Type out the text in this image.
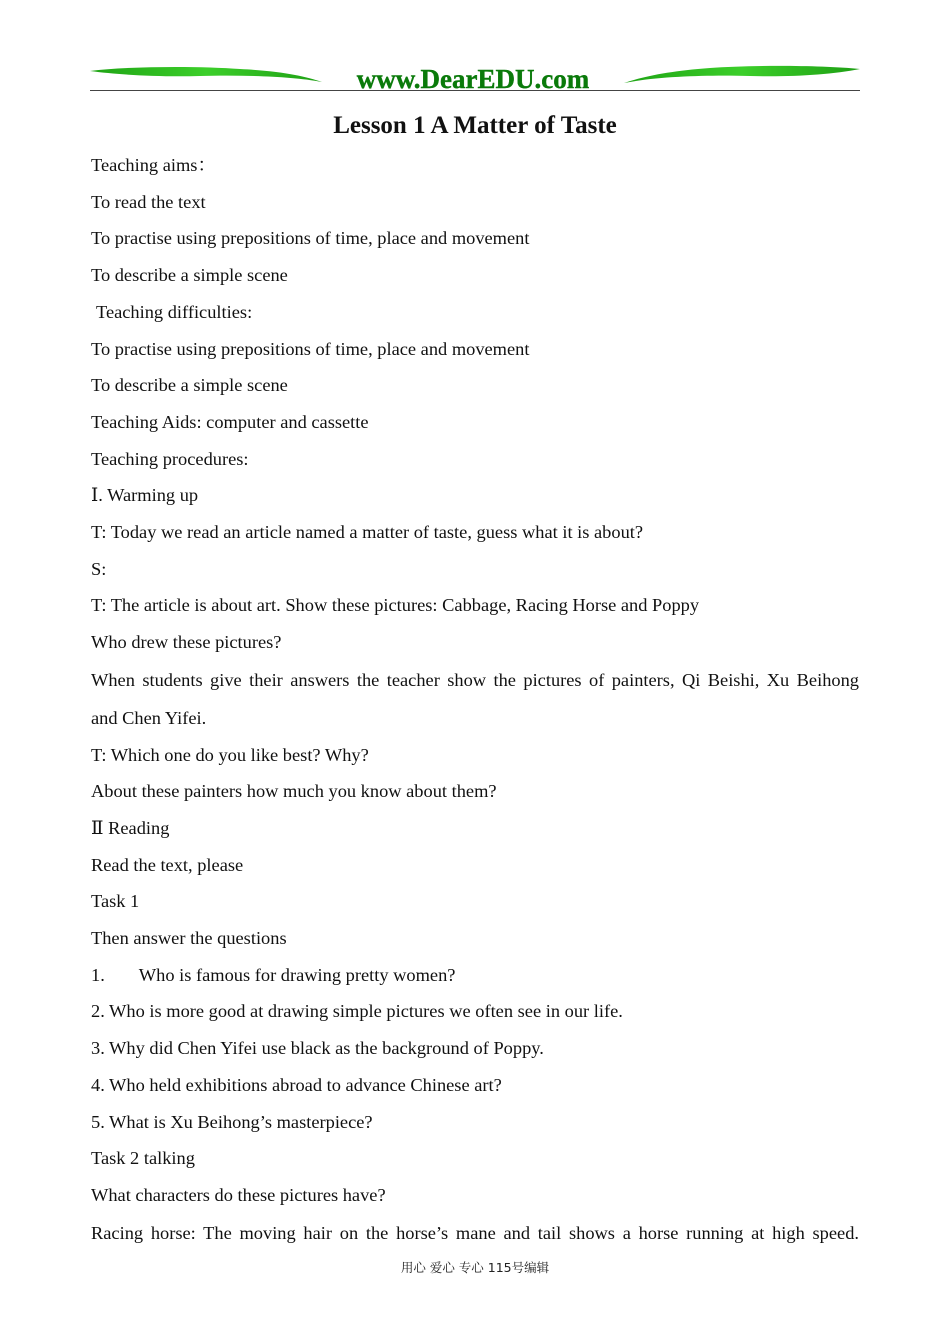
www.DearEDU.com
Lesson 1 A Matter of Taste
Teaching aims：
To read the text
To practise using prepositions of time, place and movement
To describe a simple scene
Teaching difficulties:
To practise using prepositions of time, place and movement
To describe a simple scene
Teaching Aids: computer and cassette
Teaching procedures:
Ⅰ. Warming up
T: Today we read an article named a matter of taste, guess what it is about?
S:
T: The article is about art. Show these pictures: Cabbage, Racing Horse and Poppy
Who drew these pictures?
When students give their answers the teacher show the pictures of painters, Qi Beishi, Xu Beihong
and Chen Yifei.
T: Which one do you like best? Why?
About these painters how much you know about them?
Ⅱ Reading
Read the text, please
Task 1
Then answer the questions
1. Who is famous for drawing pretty women?
2. Who is more good at drawing simple pictures we often see in our life.
3. Why did Chen Yifei use black as the background of Poppy.
4. Who held exhibitions abroad to advance Chinese art?
5. What is Xu Beihong’s masterpiece?
Task 2 talking
What characters do these pictures have?
Racing horse: The moving hair on the horse’s mane and tail shows a horse running at high speed.
用心 爱心 专心 115号编辑
